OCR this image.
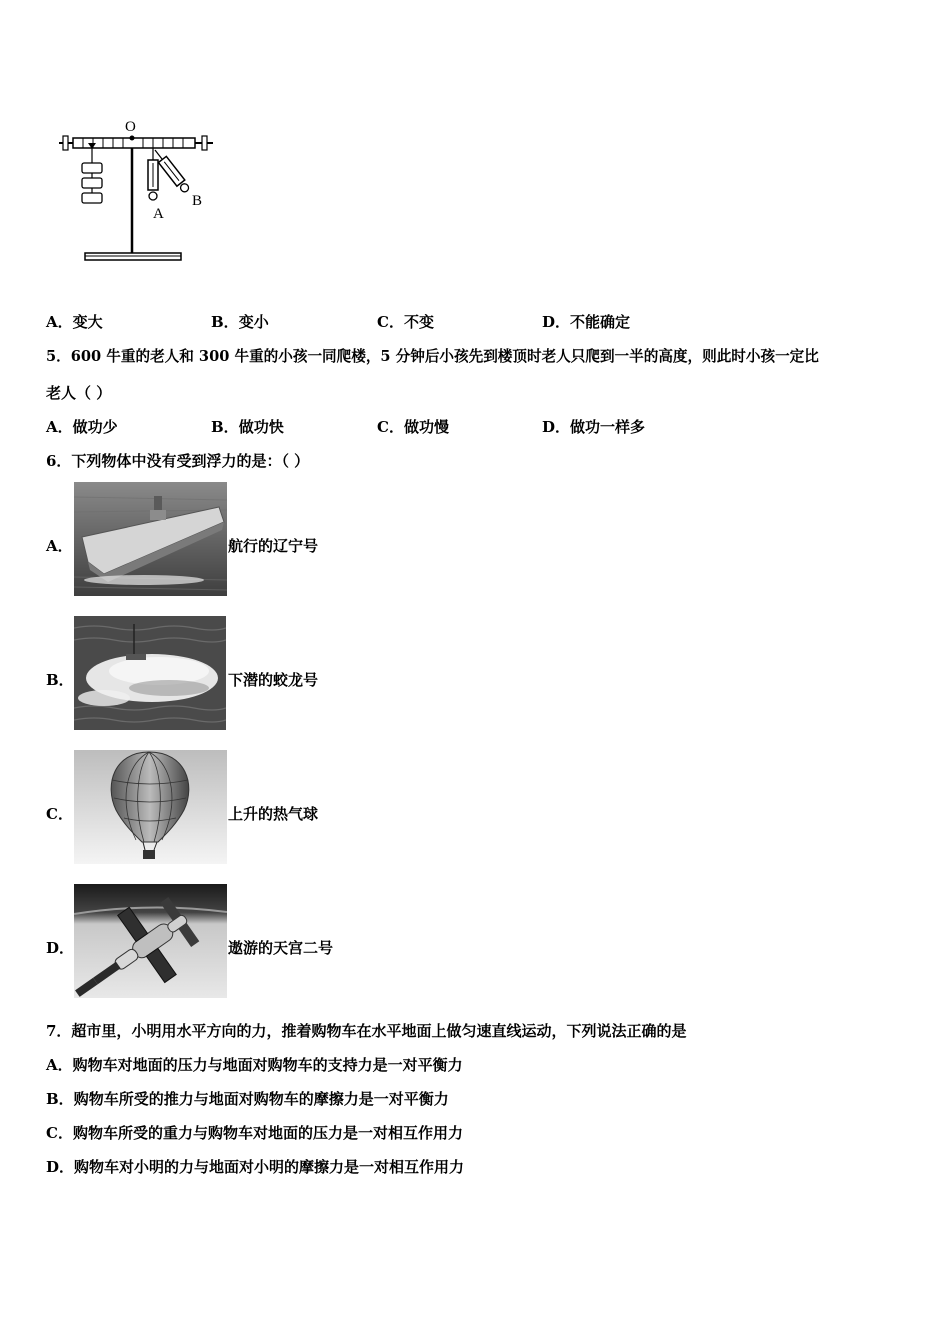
O
A
B
A．变大	B．变小	C．不变	D．不能确定
5．600 牛重的老人和 300 牛重的小孩一同爬楼，5 分钟后小孩先到楼顶时老人只爬到一半的高度，则此时小孩一定比
老人（ ）
A．做功少	B．做功快	C．做功慢	D．做功一样多
6．下列物体中没有受到浮力的是：（ ）
A．	航行的辽宁号
B．	下潜的蛟龙号
C．	上升的热气球
D．	遨游的天宫二号
7．超市里，小明用水平方向的力，推着购物车在水平地面上做匀速直线运动，下列说法正确的是
A．购物车对地面的压力与地面对购物车的支持力是一对平衡力
B．购物车所受的推力与地面对购物车的摩擦力是一对平衡力
C．购物车所受的重力与购物车对地面的压力是一对相互作用力
D．购物车对小明的力与地面对小明的摩擦力是一对相互作用力
